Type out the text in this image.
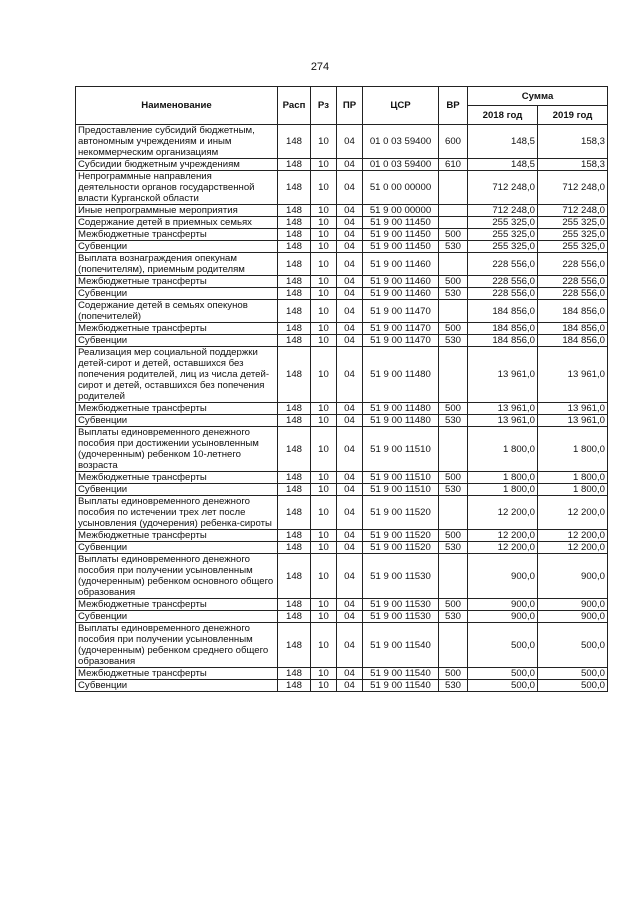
274
Наименование	Расп	Рз	ПР	ЦСР	ВР	Сумма	
						2018 год	2019 год
Предоставление субсидий бюджетным, автономным учреждениям и иным некоммерческим организациям	148	10	04	01 0 03 59400	600	148,5	158,3
Субсидии бюджетным учреждениям	148	10	04	01 0 03 59400	610	148,5	158,3
Непрограммные направления деятельности органов государственной власти Курганской области	148	10	04	51 0 00 00000		712 248,0	712 248,0
Иные непрограммные мероприятия	148	10	04	51 9 00 00000		712 248,0	712 248,0
Содержание детей в приемных семьях	148	10	04	51 9 00 11450		255 325,0	255 325,0
Межбюджетные трансферты	148	10	04	51 9 00 11450	500	255 325,0	255 325,0
Субвенции	148	10	04	51 9 00 11450	530	255 325,0	255 325,0
Выплата вознаграждения опекунам (попечителям), приемным родителям	148	10	04	51 9 00 11460		228 556,0	228 556,0
Межбюджетные трансферты	148	10	04	51 9 00 11460	500	228 556,0	228 556,0
Субвенции	148	10	04	51 9 00 11460	530	228 556,0	228 556,0
Содержание детей в семьях опекунов (попечителей)	148	10	04	51 9 00 11470		184 856,0	184 856,0
Межбюджетные трансферты	148	10	04	51 9 00 11470	500	184 856,0	184 856,0
Субвенции	148	10	04	51 9 00 11470	530	184 856,0	184 856,0
Реализация мер социальной поддержки детей-сирот и детей, оставшихся без попечения родителей, лиц из числа детей-сирот и детей, оставшихся без попечения родителей	148	10	04	51 9 00 11480		13 961,0	13 961,0
Межбюджетные трансферты	148	10	04	51 9 00 11480	500	13 961,0	13 961,0
Субвенции	148	10	04	51 9 00 11480	530	13 961,0	13 961,0
Выплаты единовременного денежного пособия при достижении усыновленным (удочеренным) ребенком 10-летнего возраста	148	10	04	51 9 00 11510		1 800,0	1 800,0
Межбюджетные трансферты	148	10	04	51 9 00 11510	500	1 800,0	1 800,0
Субвенции	148	10	04	51 9 00 11510	530	1 800,0	1 800,0
Выплаты единовременного денежного пособия по истечении трех лет после усыновления (удочерения) ребенка-сироты	148	10	04	51 9 00 11520		12 200,0	12 200,0
Межбюджетные трансферты	148	10	04	51 9 00 11520	500	12 200,0	12 200,0
Субвенции	148	10	04	51 9 00 11520	530	12 200,0	12 200,0
Выплаты единовременного денежного пособия при получении усыновленным (удочеренным) ребенком основного общего образования	148	10	04	51 9 00 11530		900,0	900,0
Межбюджетные трансферты	148	10	04	51 9 00 11530	500	900,0	900,0
Субвенции	148	10	04	51 9 00 11530	530	900,0	900,0
Выплаты единовременного денежного пособия при получении усыновленным (удочеренным) ребенком среднего общего образования	148	10	04	51 9 00 11540		500,0	500,0
Межбюджетные трансферты	148	10	04	51 9 00 11540	500	500,0	500,0
Субвенции	148	10	04	51 9 00 11540	530	500,0	500,0
